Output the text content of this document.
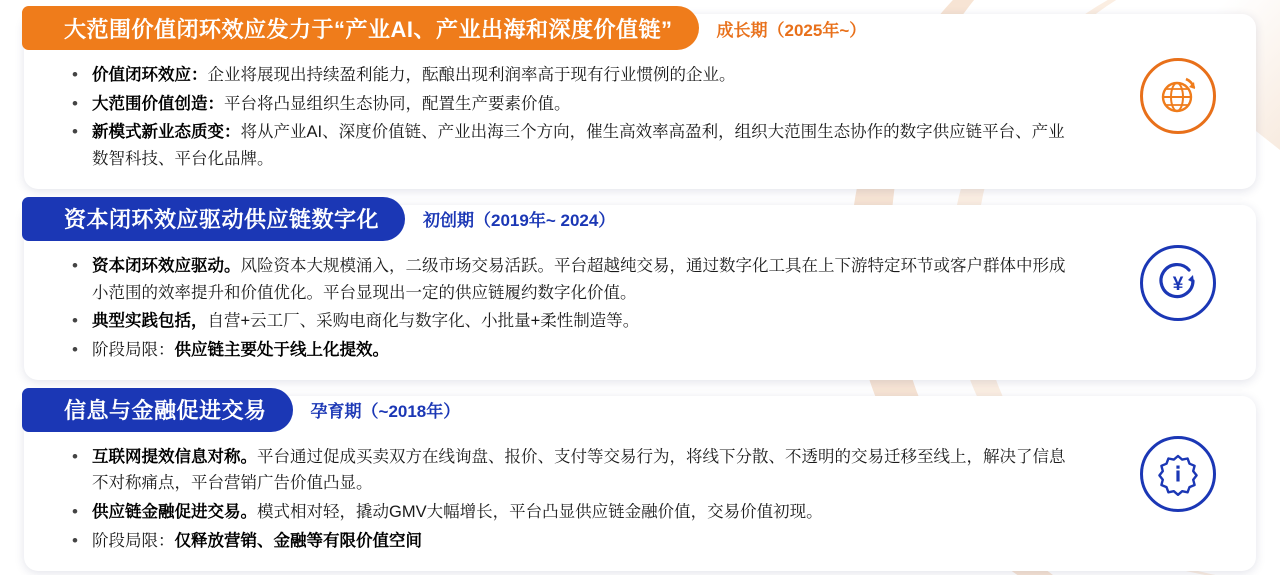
大范围价值闭环效应发力于“产业AI、产业出海和深度价值链”	成长期（2025年~）
• 价值闭环效应：企业将展现出持续盈利能力，酝酿出现利润率高于现有行业惯例的企业。
• 大范围价值创造：平台将凸显组织生态协同，配置生产要素价值。
• 新模式新业态质变：将从产业AI、深度价值链、产业出海三个方向，催生高效率高盈利，组织大范围生态协作的数字供应链平台、产业数智科技、平台化品牌。
资本闭环效应驱动供应链数字化	初创期（2019年~ 2024）
• 资本闭环效应驱动。风险资本大规模涌入，二级市场交易活跃。平台超越纯交易，通过数字化工具在上下游特定环节或客户群体中形成小范围的效率提升和价值优化。平台显现出一定的供应链履约数字化价值。
• 典型实践包括，自营+云工厂、采购电商化与数字化、小批量+柔性制造等。
• 阶段局限：供应链主要处于线上化提效。
¥
信息与金融促进交易	孕育期（~2018年）
• 互联网提效信息对称。平台通过促成买卖双方在线询盘、报价、支付等交易行为，将线下分散、不透明的交易迁移至线上，解决了信息不对称痛点，平台营销广告价值凸显。
• 供应链金融促进交易。模式相对轻，撬动GMV大幅增长，平台凸显供应链金融价值，交易价值初现。
• 阶段局限：仅释放营销、金融等有限价值空间
